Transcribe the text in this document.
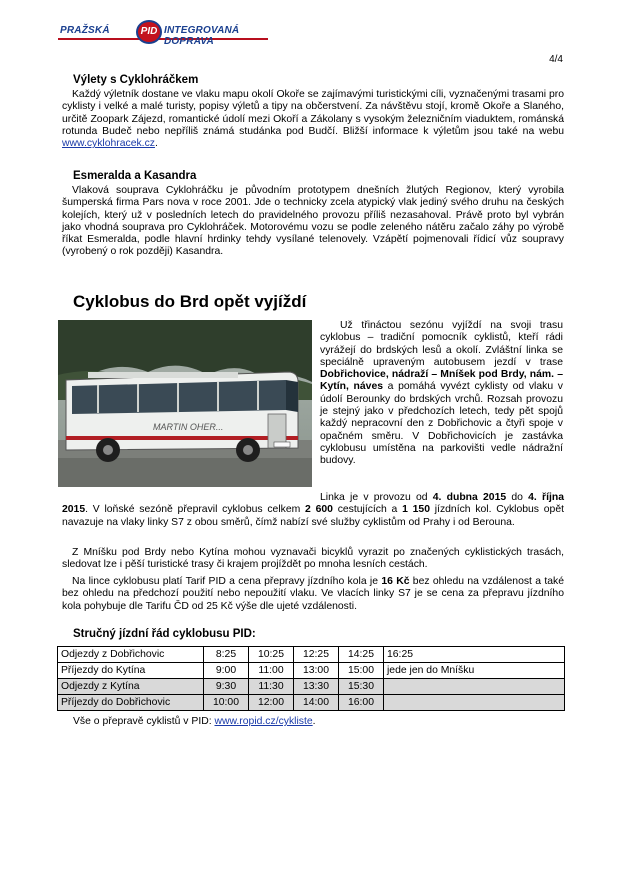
PRAŽSKÁ	PID INTEGROVANÁ DOPRAVA
4/4
Výlety s Cyklohráčkem
Každý výletník dostane ve vlaku mapu okolí Okoře se zajímavými turistickými cíli, vyznačenými trasami pro cyklisty i velké a malé turisty, popisy výletů a tipy na občerstvení. Za návštěvu stojí, kromě Okoře a Slaného, určitě Zoopark Zájezd, romantické údolí mezi Okoří a Zákolany s vysokým železničním viaduktem, románská rotunda Budeč nebo nepříliš známá studánka pod Budčí. Bližší informace k výletům jsou také na webu www.cyklohracek.cz.
Esmeralda a Kasandra
Vlaková souprava Cyklohráčku je původním prototypem dnešních žlutých Regionov, který vyrobila šumperská firma Pars nova v roce 2001. Jde o technicky zcela atypický vlak jediný svého druhu na českých kolejích, který už v posledních letech do pravidelného provozu příliš nezasahoval. Právě proto byl vybrán jako vhodná souprava pro Cyklohráček. Motorovému vozu se podle zeleného nátěru začalo záhy po výrobě říkat Esmeralda, podle hlavní hrdinky tehdy vysílané telenovely. Vzápětí pojmenovali řídicí vůz soupravy (vyrobený o rok později) Kasandra.
Cyklobus do Brd opět vyjíždí
MARTIN OHER...
Už třináctou sezónu vyjíždí na svoji trasu cyklobus – tradiční pomocník cyklistů, kteří rádi vyrážejí do brdských lesů a okolí. Zvláštní linka se speciálně upraveným autobusem jezdí v trase Dobřichovice, nádraží – Mníšek pod Brdy, nám. – Kytín, náves a pomáhá vyvézt cyklisty od vlaku v údolí Berounky do brdských vrchů. Rozsah provozu je stejný jako v předchozích letech, tedy pět spojů každý nepracovní den z Dobřichovic a čtyři spoje v opačném směru. V Dobřichovicích je zastávka cyklobusu umístěna na parkovišti vedle nádražní budovy.
Linka je v provozu od 4. dubna 2015 do 4. října 2015. V loňské sezóně přepravil cyklobus celkem 2 600 cestujících a 1 150 jízdních kol. Cyklobus opět navazuje na vlaky linky S7 z obou směrů, čímž nabízí své služby cyklistům od Prahy i od Berouna.
Z Mníšku pod Brdy nebo Kytína mohou vyznavači bicyklů vyrazit po značených cyklistických trasách, sledovat lze i pěší turistické trasy či krajem projíždět po mnoha lesních cestách.
Na lince cyklobusu platí Tarif PID a cena přepravy jízdního kola je 16 Kč bez ohledu na vzdálenost a také bez ohledu na předchozí použití nebo nepoužití vlaku. Ve vlacích linky S7 je se cena za přepravu jízdního kola pohybuje dle Tarifu ČD od 25 Kč výše dle ujeté vzdálenosti.
Stručný jízdní řád cyklobusu PID:
Odjezdy z Dobřichovic	8:25	10:25	12:25	14:25	16:25
Příjezdy do Kytína	9:00	11:00	13:00	15:00	jede jen do Mníšku
Odjezdy z Kytína	9:30	11:30	13:30	15:30	
Příjezdy do Dobřichovic	10:00	12:00	14:00	16:00	
Vše o přepravě cyklistů v PID: www.ropid.cz/cykliste.
